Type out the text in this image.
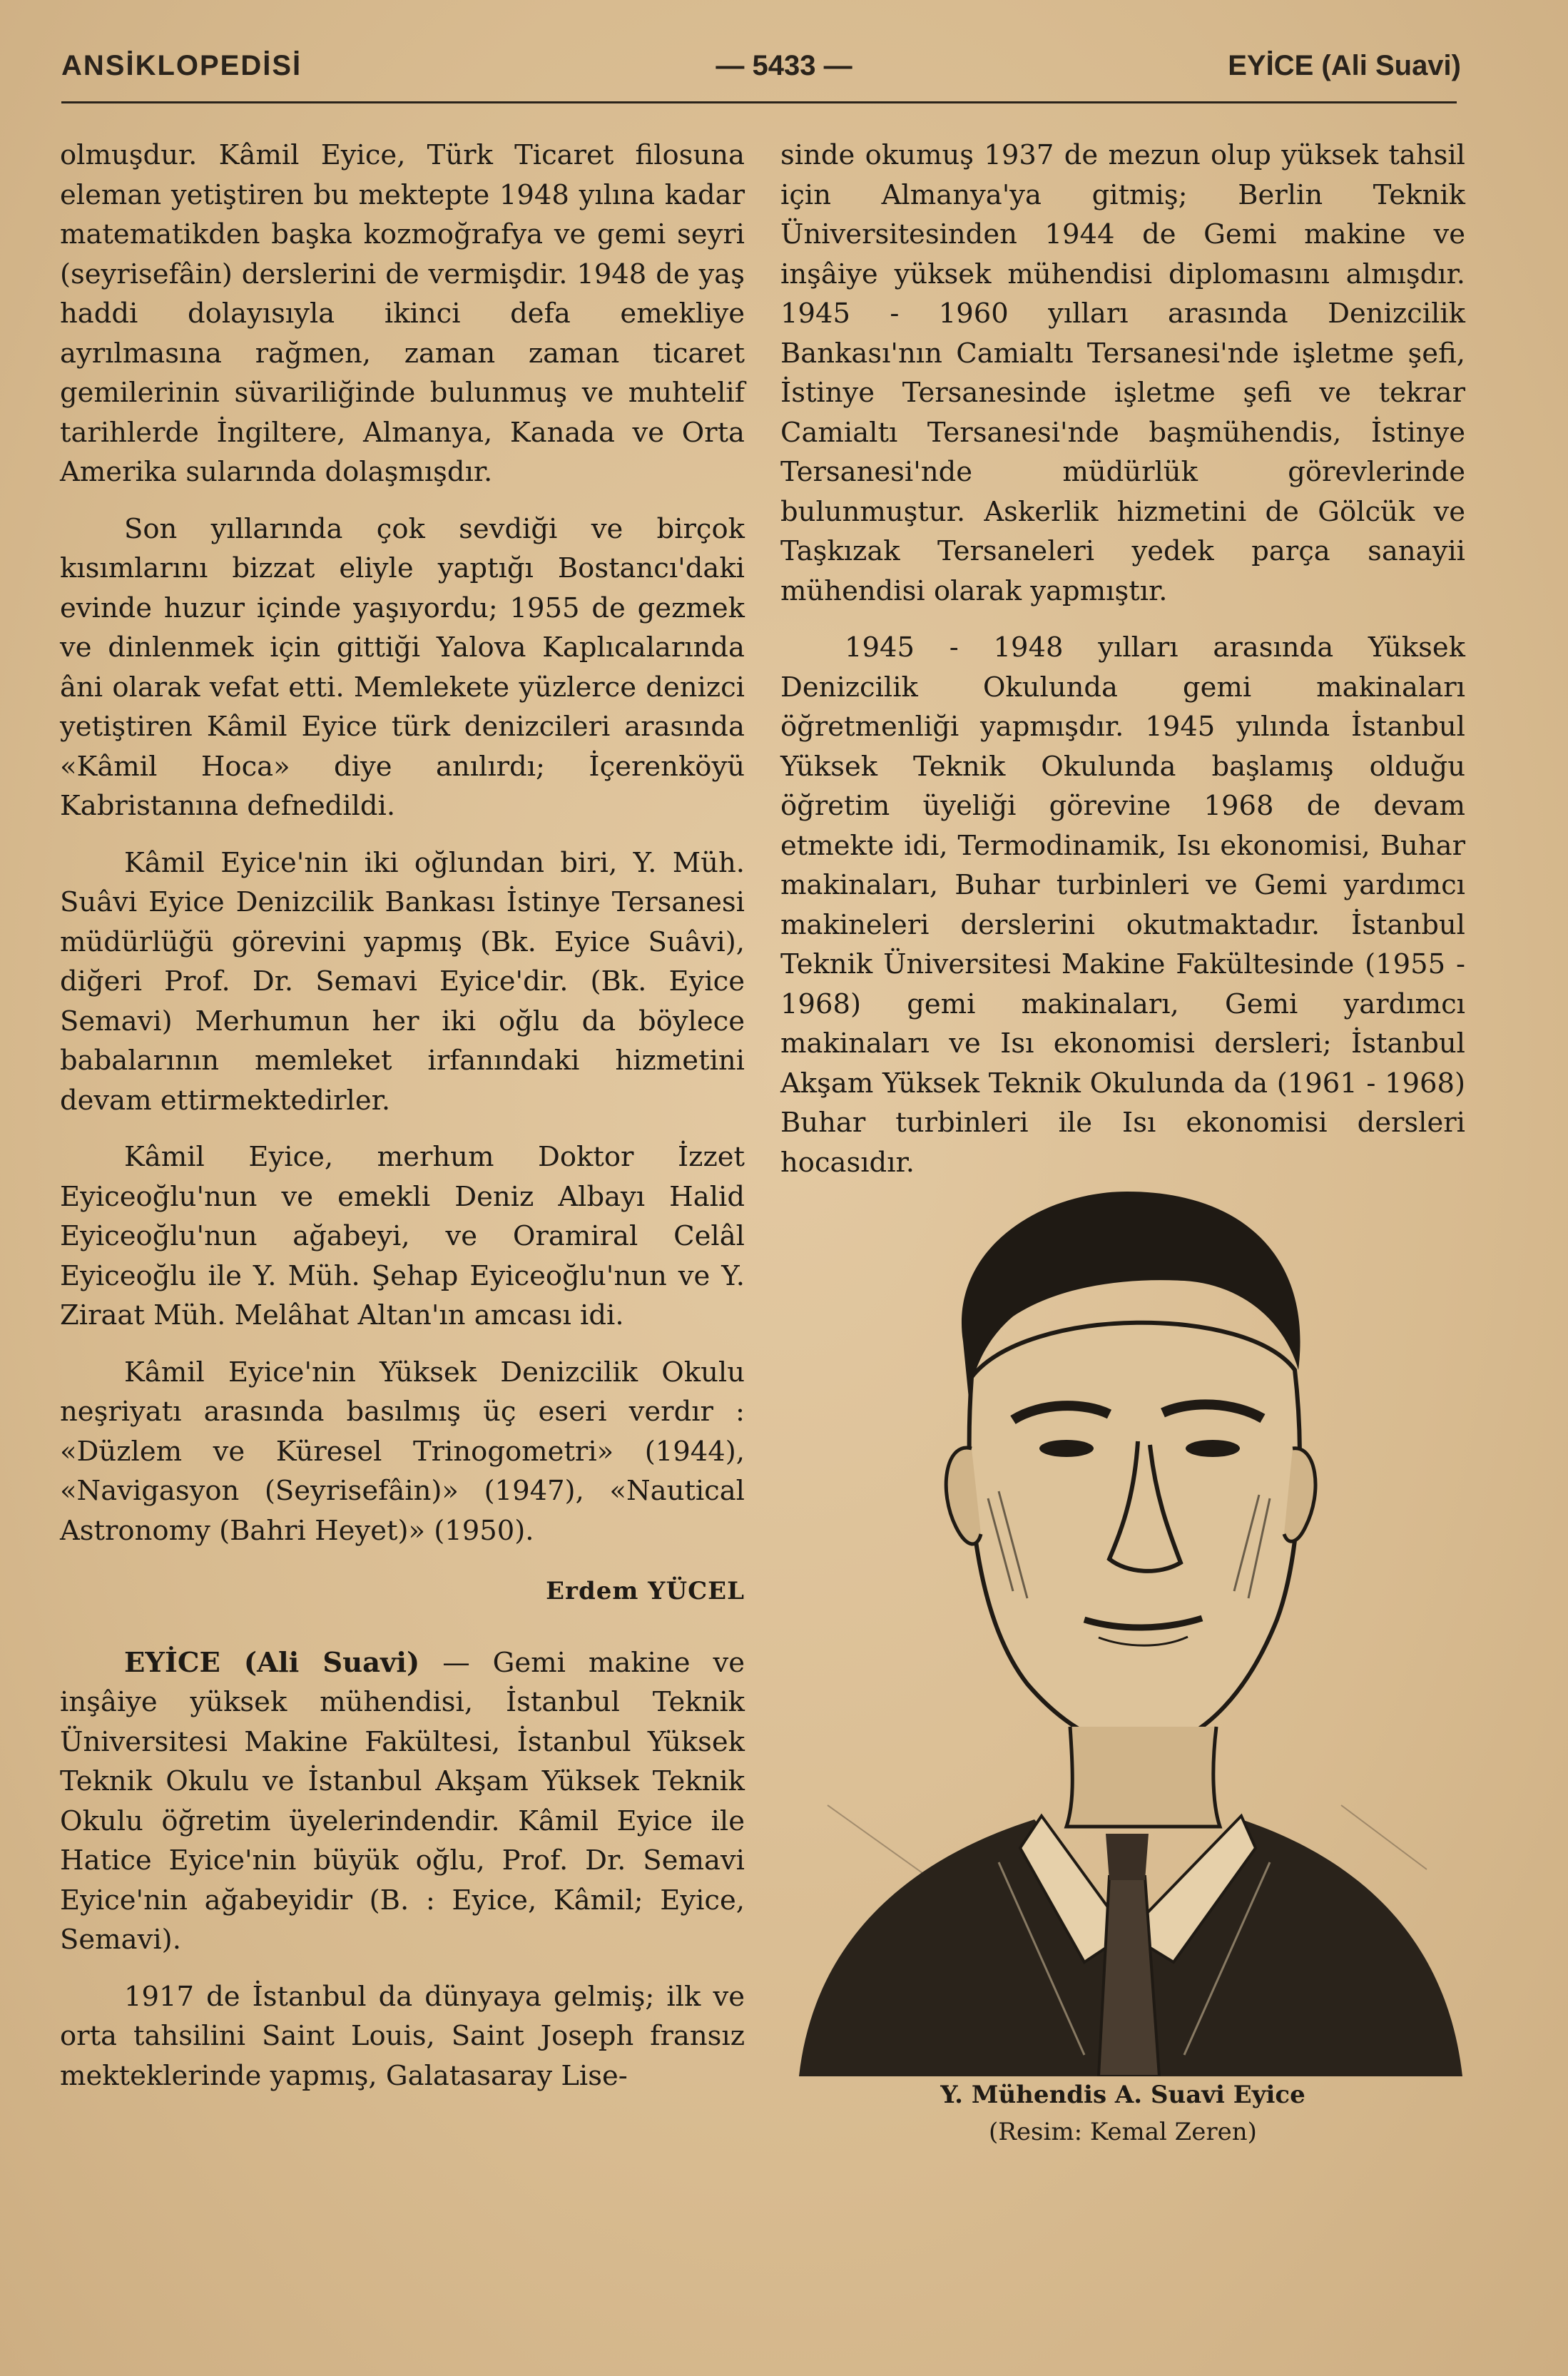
ANSİKLOPEDİSİ	— 5433 —	EYİCE (Ali Suavi)

olmuşdur. Kâmil Eyice, Türk Ticaret filosuna eleman yetiştiren bu mektepte 1948 yılına kadar matematikden başka kozmoğrafya ve gemi seyri (seyrisefâin) derslerini de vermişdir. 1948 de yaş haddi dolayısıyla ikinci defa emekliye ayrılmasına rağmen, zaman zaman ticaret gemilerinin süvariliğinde bulunmuş ve muhtelif tarihlerde İngiltere, Almanya, Kanada ve Orta Amerika sularında dolaşmışdır.

Son yıllarında çok sevdiği ve birçok kısımlarını bizzat eliyle yaptığı Bostancı'daki evinde huzur içinde yaşıyordu; 1955 de gezmek ve dinlenmek için gittiği Yalova Kaplıcalarında âni olarak vefat etti. Memlekete yüzlerce denizci yetiştiren Kâmil Eyice türk denizcileri arasında «Kâmil Hoca» diye anılırdı; İçerenköyü Kabristanına defnedildi.

Kâmil Eyice'nin iki oğlundan biri, Y. Müh. Suâvi Eyice Denizcilik Bankası İstinye Tersanesi müdürlüğü görevini yapmış (Bk. Eyice Suâvi), diğeri Prof. Dr. Semavi Eyice'dir. (Bk. Eyice Semavi) Merhumun her iki oğlu da böylece babalarının memleket irfanındaki hizmetini devam ettirmektedirler.

Kâmil Eyice, merhum Doktor İzzet Eyiceoğlu'nun ve emekli Deniz Albayı Halid Eyiceoğlu'nun ağabeyi, ve Oramiral Celâl Eyiceoğlu ile Y. Müh. Şehap Eyiceoğlu'nun ve Y. Ziraat Müh. Melâhat Altan'ın amcası idi.

Kâmil Eyice'nin Yüksek Denizcilik Okulu neşriyatı arasında basılmış üç eseri verdır : «Düzlem ve Küresel Trinogometri» (1944), «Navigasyon (Seyrisefâin)» (1947), «Nautical Astronomy (Bahri Heyet)» (1950).

Erdem YÜCEL

EYİCE (Ali Suavi) — Gemi makine ve inşâiye yüksek mühendisi, İstanbul Teknik Üniversitesi Makine Fakültesi, İstanbul Yüksek Teknik Okulu ve İstanbul Akşam Yüksek Teknik Okulu öğretim üyelerindendir. Kâmil Eyice ile Hatice Eyice'nin büyük oğlu, Prof. Dr. Semavi Eyice'nin ağabeyidir (B. : Eyice, Kâmil; Eyice, Semavi).

1917 de İstanbul da dünyaya gelmiş; ilk ve orta tahsilini Saint Louis, Saint Joseph fransız mekteklerinde yapmış, Galatasaray Lise-

sinde okumuş 1937 de mezun olup yüksek tahsil için Almanya'ya gitmiş; Berlin Teknik Üniversitesinden 1944 de Gemi makine ve inşâiye yüksek mühendisi diplomasını almışdır. 1945 - 1960 yılları arasında Denizcilik Bankası'nın Camialtı Tersanesi'nde işletme şefi, İstinye Tersanesinde işletme şefi ve tekrar Camialtı Tersanesi'nde başmühendis, İstinye Tersanesi'nde müdürlük görevlerinde bulunmuştur. Askerlik hizmetini de Gölcük ve Taşkızak Tersaneleri yedek parça sanayii mühendisi olarak yapmıştır.

1945 - 1948 yılları arasında Yüksek Denizcilik Okulunda gemi makinaları öğretmenliği yapmışdır. 1945 yılında İstanbul Yüksek Teknik Okulunda başlamış olduğu öğretim üyeliği görevine 1968 de devam etmekte idi, Termodinamik, Isı ekonomisi, Buhar makinaları, Buhar turbinleri ve Gemi yardımcı makineleri derslerini okutmaktadır. İstanbul Teknik Üniversitesi Makine Fakültesinde (1955 - 1968) gemi makinaları, Gemi yardımcı makinaları ve Isı ekonomisi dersleri; İstanbul Akşam Yüksek Teknik Okulunda da (1961 - 1968) Buhar turbinleri ile Isı ekonomisi dersleri hocasıdır.

Y. Mühendis A. Suavi Eyice
(Resim: Kemal Zeren)
